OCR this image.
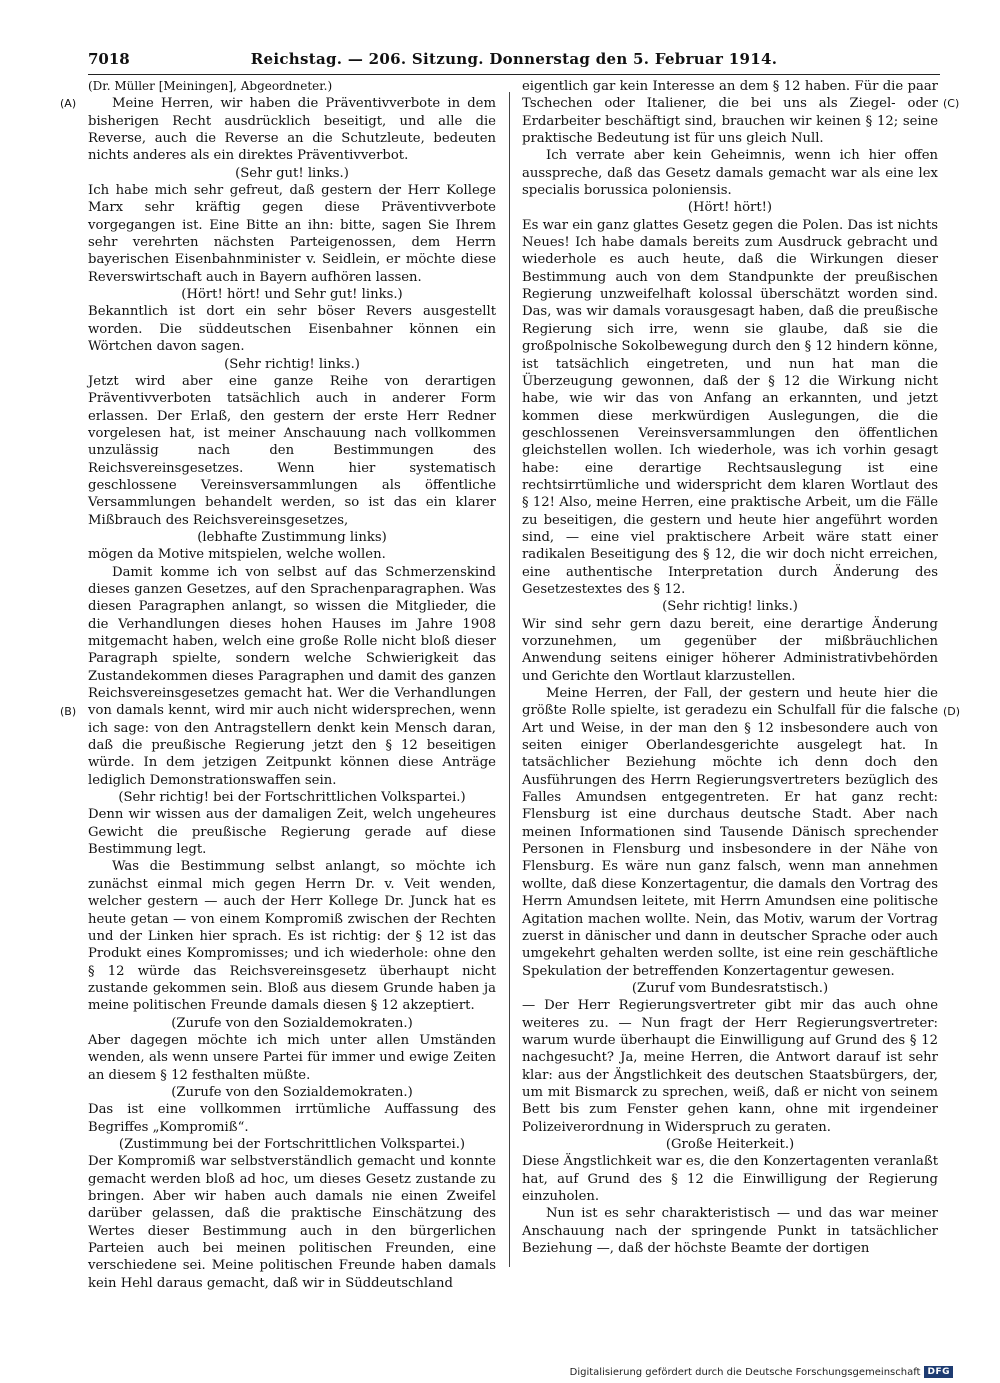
7018	Reichstag. — 206. Sitzung. Donnerstag den 5. Februar 1914.
(A)
(B)
(C)
(D)

(Dr. Müller [Meiningen], Abgeordneter.)

Meine Herren, wir haben die Präventivverbote in dem bisherigen Recht ausdrücklich beseitigt, und alle die Reverse, auch die Reverse an die Schutzleute, bedeuten nichts anderes als ein direktes Präventivverbot.

(Sehr gut! links.)

Ich habe mich sehr gefreut, daß gestern der Herr Kollege Marx sehr kräftig gegen diese Präventivverbote vorgegangen ist. Eine Bitte an ihn: bitte, sagen Sie Ihrem sehr verehrten nächsten Parteigenossen, dem Herrn bayerischen Eisenbahnminister v. Seidlein, er möchte diese Reverswirtschaft auch in Bayern aufhören lassen.

(Hört! hört! und Sehr gut! links.)

Bekanntlich ist dort ein sehr böser Revers ausgestellt worden. Die süddeutschen Eisenbahner können ein Wörtchen davon sagen.

(Sehr richtig! links.)

Jetzt wird aber eine ganze Reihe von derartigen Präventivverboten tatsächlich auch in anderer Form erlassen. Der Erlaß, den gestern der erste Herr Redner vorgelesen hat, ist meiner Anschauung nach vollkommen unzulässig nach den Bestimmungen des Reichsvereinsgesetzes. Wenn hier systematisch geschlossene Vereinsversammlungen als öffentliche Versammlungen behandelt werden, so ist das ein klarer Mißbrauch des Reichsvereinsgesetzes,

(lebhafte Zustimmung links)

mögen da Motive mitspielen, welche wollen.

Damit komme ich von selbst auf das Schmerzenskind dieses ganzen Gesetzes, auf den Sprachenparagraphen. Was diesen Paragraphen anlangt, so wissen die Mitglieder, die die Verhandlungen dieses hohen Hauses im Jahre 1908 mitgemacht haben, welch eine große Rolle nicht bloß dieser Paragraph spielte, sondern welche Schwierigkeit das Zustandekommen dieses Paragraphen und damit des ganzen Reichsvereinsgesetzes gemacht hat. Wer die Verhandlungen von damals kennt, wird mir auch nicht widersprechen, wenn ich sage: von den Antragstellern denkt kein Mensch daran, daß die preußische Regierung jetzt den § 12 beseitigen würde. In dem jetzigen Zeitpunkt können diese Anträge lediglich Demonstrationswaffen sein.

(Sehr richtig! bei der Fortschrittlichen Volkspartei.)

Denn wir wissen aus der damaligen Zeit, welch ungeheures Gewicht die preußische Regierung gerade auf diese Bestimmung legt.

Was die Bestimmung selbst anlangt, so möchte ich zunächst einmal mich gegen Herrn Dr. v. Veit wenden, welcher gestern — auch der Herr Kollege Dr. Junck hat es heute getan — von einem Kompromiß zwischen der Rechten und der Linken hier sprach. Es ist richtig: der § 12 ist das Produkt eines Kompromisses; und ich wiederhole: ohne den § 12 würde das Reichsvereinsgesetz überhaupt nicht zustande gekommen sein. Bloß aus diesem Grunde haben ja meine politischen Freunde damals diesen § 12 akzeptiert.

(Zurufe von den Sozialdemokraten.)

Aber dagegen möchte ich mich unter allen Umständen wenden, als wenn unsere Partei für immer und ewige Zeiten an diesem § 12 festhalten müßte.

(Zurufe von den Sozialdemokraten.)

Das ist eine vollkommen irrtümliche Auffassung des Begriffes „Kompromiß“.

(Zustimmung bei der Fortschrittlichen Volkspartei.)

Der Kompromiß war selbstverständlich gemacht und konnte gemacht werden bloß ad hoc, um dieses Gesetz zustande zu bringen. Aber wir haben auch damals nie einen Zweifel darüber gelassen, daß die praktische Einschätzung des Wertes dieser Bestimmung auch in den bürgerlichen Parteien auch bei meinen politischen Freunden, eine verschiedene sei. Meine politischen Freunde haben damals kein Hehl daraus gemacht, daß wir in Süddeutschland

eigentlich gar kein Interesse an dem § 12 haben. Für die paar Tschechen oder Italiener, die bei uns als Ziegel- oder Erdarbeiter beschäftigt sind, brauchen wir keinen § 12; seine praktische Bedeutung ist für uns gleich Null.

Ich verrate aber kein Geheimnis, wenn ich hier offen ausspreche, daß das Gesetz damals gemacht war als eine lex specialis borussica poloniensis.

(Hört! hört!)

Es war ein ganz glattes Gesetz gegen die Polen. Das ist nichts Neues! Ich habe damals bereits zum Ausdruck gebracht und wiederhole es auch heute, daß die Wirkungen dieser Bestimmung auch von dem Standpunkte der preußischen Regierung unzweifelhaft kolossal überschätzt worden sind. Das, was wir damals vorausgesagt haben, daß die preußische Regierung sich irre, wenn sie glaube, daß sie die großpolnische Sokolbewegung durch den § 12 hindern könne, ist tatsächlich eingetreten, und nun hat man die Überzeugung gewonnen, daß der § 12 die Wirkung nicht habe, wie wir das von Anfang an erkannten, und jetzt kommen diese merkwürdigen Auslegungen, die die geschlossenen Vereinsversammlungen den öffentlichen gleichstellen wollen. Ich wiederhole, was ich vorhin gesagt habe: eine derartige Rechtsauslegung ist eine rechtsirrtümliche und widerspricht dem klaren Wortlaut des § 12! Also, meine Herren, eine praktische Arbeit, um die Fälle zu beseitigen, die gestern und heute hier angeführt worden sind, — eine viel praktischere Arbeit wäre statt einer radikalen Beseitigung des § 12, die wir doch nicht erreichen, eine authentische Interpretation durch Änderung des Gesetzestextes des § 12.

(Sehr richtig! links.)

Wir sind sehr gern dazu bereit, eine derartige Änderung vorzunehmen, um gegenüber der mißbräuchlichen Anwendung seitens einiger höherer Administrativbehörden und Gerichte den Wortlaut klarzustellen.

Meine Herren, der Fall, der gestern und heute hier die größte Rolle spielte, ist geradezu ein Schulfall für die falsche Art und Weise, in der man den § 12 insbesondere auch von seiten einiger Oberlandesgerichte ausgelegt hat. In tatsächlicher Beziehung möchte ich denn doch den Ausführungen des Herrn Regierungsvertreters bezüglich des Falles Amundsen entgegentreten. Er hat ganz recht: Flensburg ist eine durchaus deutsche Stadt. Aber nach meinen Informationen sind Tausende Dänisch sprechender Personen in Flensburg und insbesondere in der Nähe von Flensburg. Es wäre nun ganz falsch, wenn man annehmen wollte, daß diese Konzertagentur, die damals den Vortrag des Herrn Amundsen leitete, mit Herrn Amundsen eine politische Agitation machen wollte. Nein, das Motiv, warum der Vortrag zuerst in dänischer und dann in deutscher Sprache oder auch umgekehrt gehalten werden sollte, ist eine rein geschäftliche Spekulation der betreffenden Konzertagentur gewesen.

(Zuruf vom Bundesratstisch.)

— Der Herr Regierungsvertreter gibt mir das auch ohne weiteres zu. — Nun fragt der Herr Regierungsvertreter: warum wurde überhaupt die Einwilligung auf Grund des § 12 nachgesucht? Ja, meine Herren, die Antwort darauf ist sehr klar: aus der Ängstlichkeit des deutschen Staatsbürgers, der, um mit Bismarck zu sprechen, weiß, daß er nicht von seinem Bett bis zum Fenster gehen kann, ohne mit irgendeiner Polizeiverordnung in Widerspruch zu geraten.

(Große Heiterkeit.)

Diese Ängstlichkeit war es, die den Konzertagenten veranlaßt hat, auf Grund des § 12 die Einwilligung der Regierung einzuholen.

Nun ist es sehr charakteristisch — und das war meiner Anschauung nach der springende Punkt in tatsächlicher Beziehung —, daß der höchste Beamte der dortigen

Digitalisierung gefördert durch die Deutsche Forschungsgemeinschaft DFG
